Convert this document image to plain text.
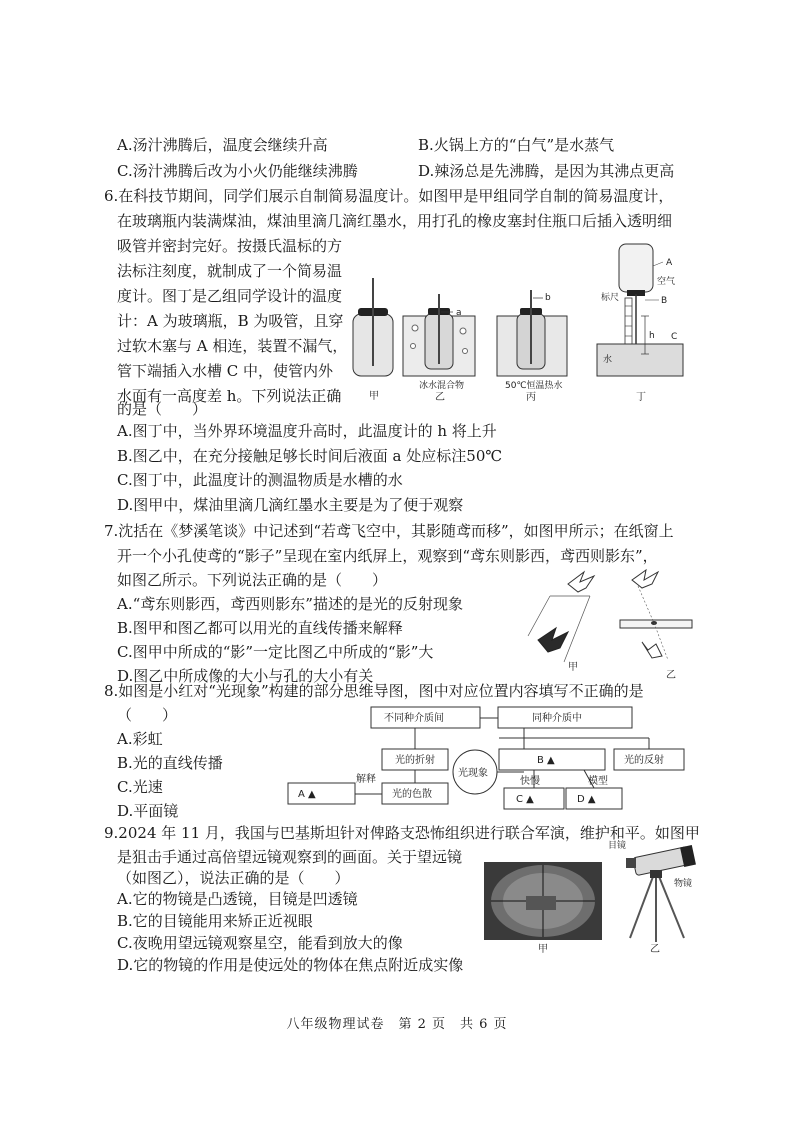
A.汤汁沸腾后，温度会继续升高	B.火锅上方的“白气”是水蒸气
C.汤汁沸腾后改为小火仍能继续沸腾	D.辣汤总是先沸腾，是因为其沸点更高
6.在科技节期间，同学们展示自制简易温度计。如图甲是甲组同学自制的简易温度计，
在玻璃瓶内装满煤油，煤油里滴几滴红墨水，用打孔的橡皮塞封住瓶口后插入透明细
吸管并密封完好。按摄氏温标的方
法标注刻度，就制成了一个简易温
度计。图丁是乙组同学设计的温度
计：A 为玻璃瓶，B 为吸管，且穿
过软木塞与 A 相连，装置不漏气，
管下端插入水槽 C 中，使管内外
水面有一高度差 h。下列说法正确
的是（　　）
A.图丁中，当外界环境温度升高时，此温度计的 h 将上升
B.图乙中，在充分接触足够长时间后液面 a 处应标注50℃
C.图丁中，此温度计的测温物质是水槽的水
D.图甲中，煤油里滴几滴红墨水主要是为了便于观察
甲
a
冰水混合物
乙
b
50℃恒温热水
丙
A
空气
标尺	B
h C
水
丁
7.沈括在《梦溪笔谈》中记述到“若鸢飞空中，其影随鸢而移”，如图甲所示；在纸窗上
开一个小孔使鸢的“影子”呈现在室内纸屏上，观察到“鸢东则影西，鸢西则影东”，
如图乙所示。下列说法正确的是（　　）
A.“鸢东则影西，鸢西则影东”描述的是光的反射现象
B.图甲和图乙都可以用光的直线传播来解释
C.图甲中所成的“影”一定比图乙中所成的“影”大
D.图乙中所成像的大小与孔的大小有关	甲
乙
8.如图是小红对“光现象”构建的部分思维导图，图中对应位置内容填写不正确的是
（　　）
A.彩虹
B.光的直线传播
C.光速
D.平面镜
不同种介质间	同种介质中
光的折射
光现象
B ▲	光的反射
解释
A ▲	光的色散
快慢	模型
C ▲	D ▲
9.2024 年 11 月，我国与巴基斯坦针对俾路支恐怖组织进行联合军演，维护和平。如图甲
是狙击手通过高倍望远镜观察到的画面。关于望远镜
（如图乙），说法正确的是（　　）
A.它的物镜是凸透镜，目镜是凹透镜
B.它的目镜能用来矫正近视眼
C.夜晚用望远镜观察星空，能看到放大的像
D.它的物镜的作用是使远处的物体在焦点附近成实像
甲
目镜
物镜
乙
八年级物理试卷　第 2 页　共 6 页
